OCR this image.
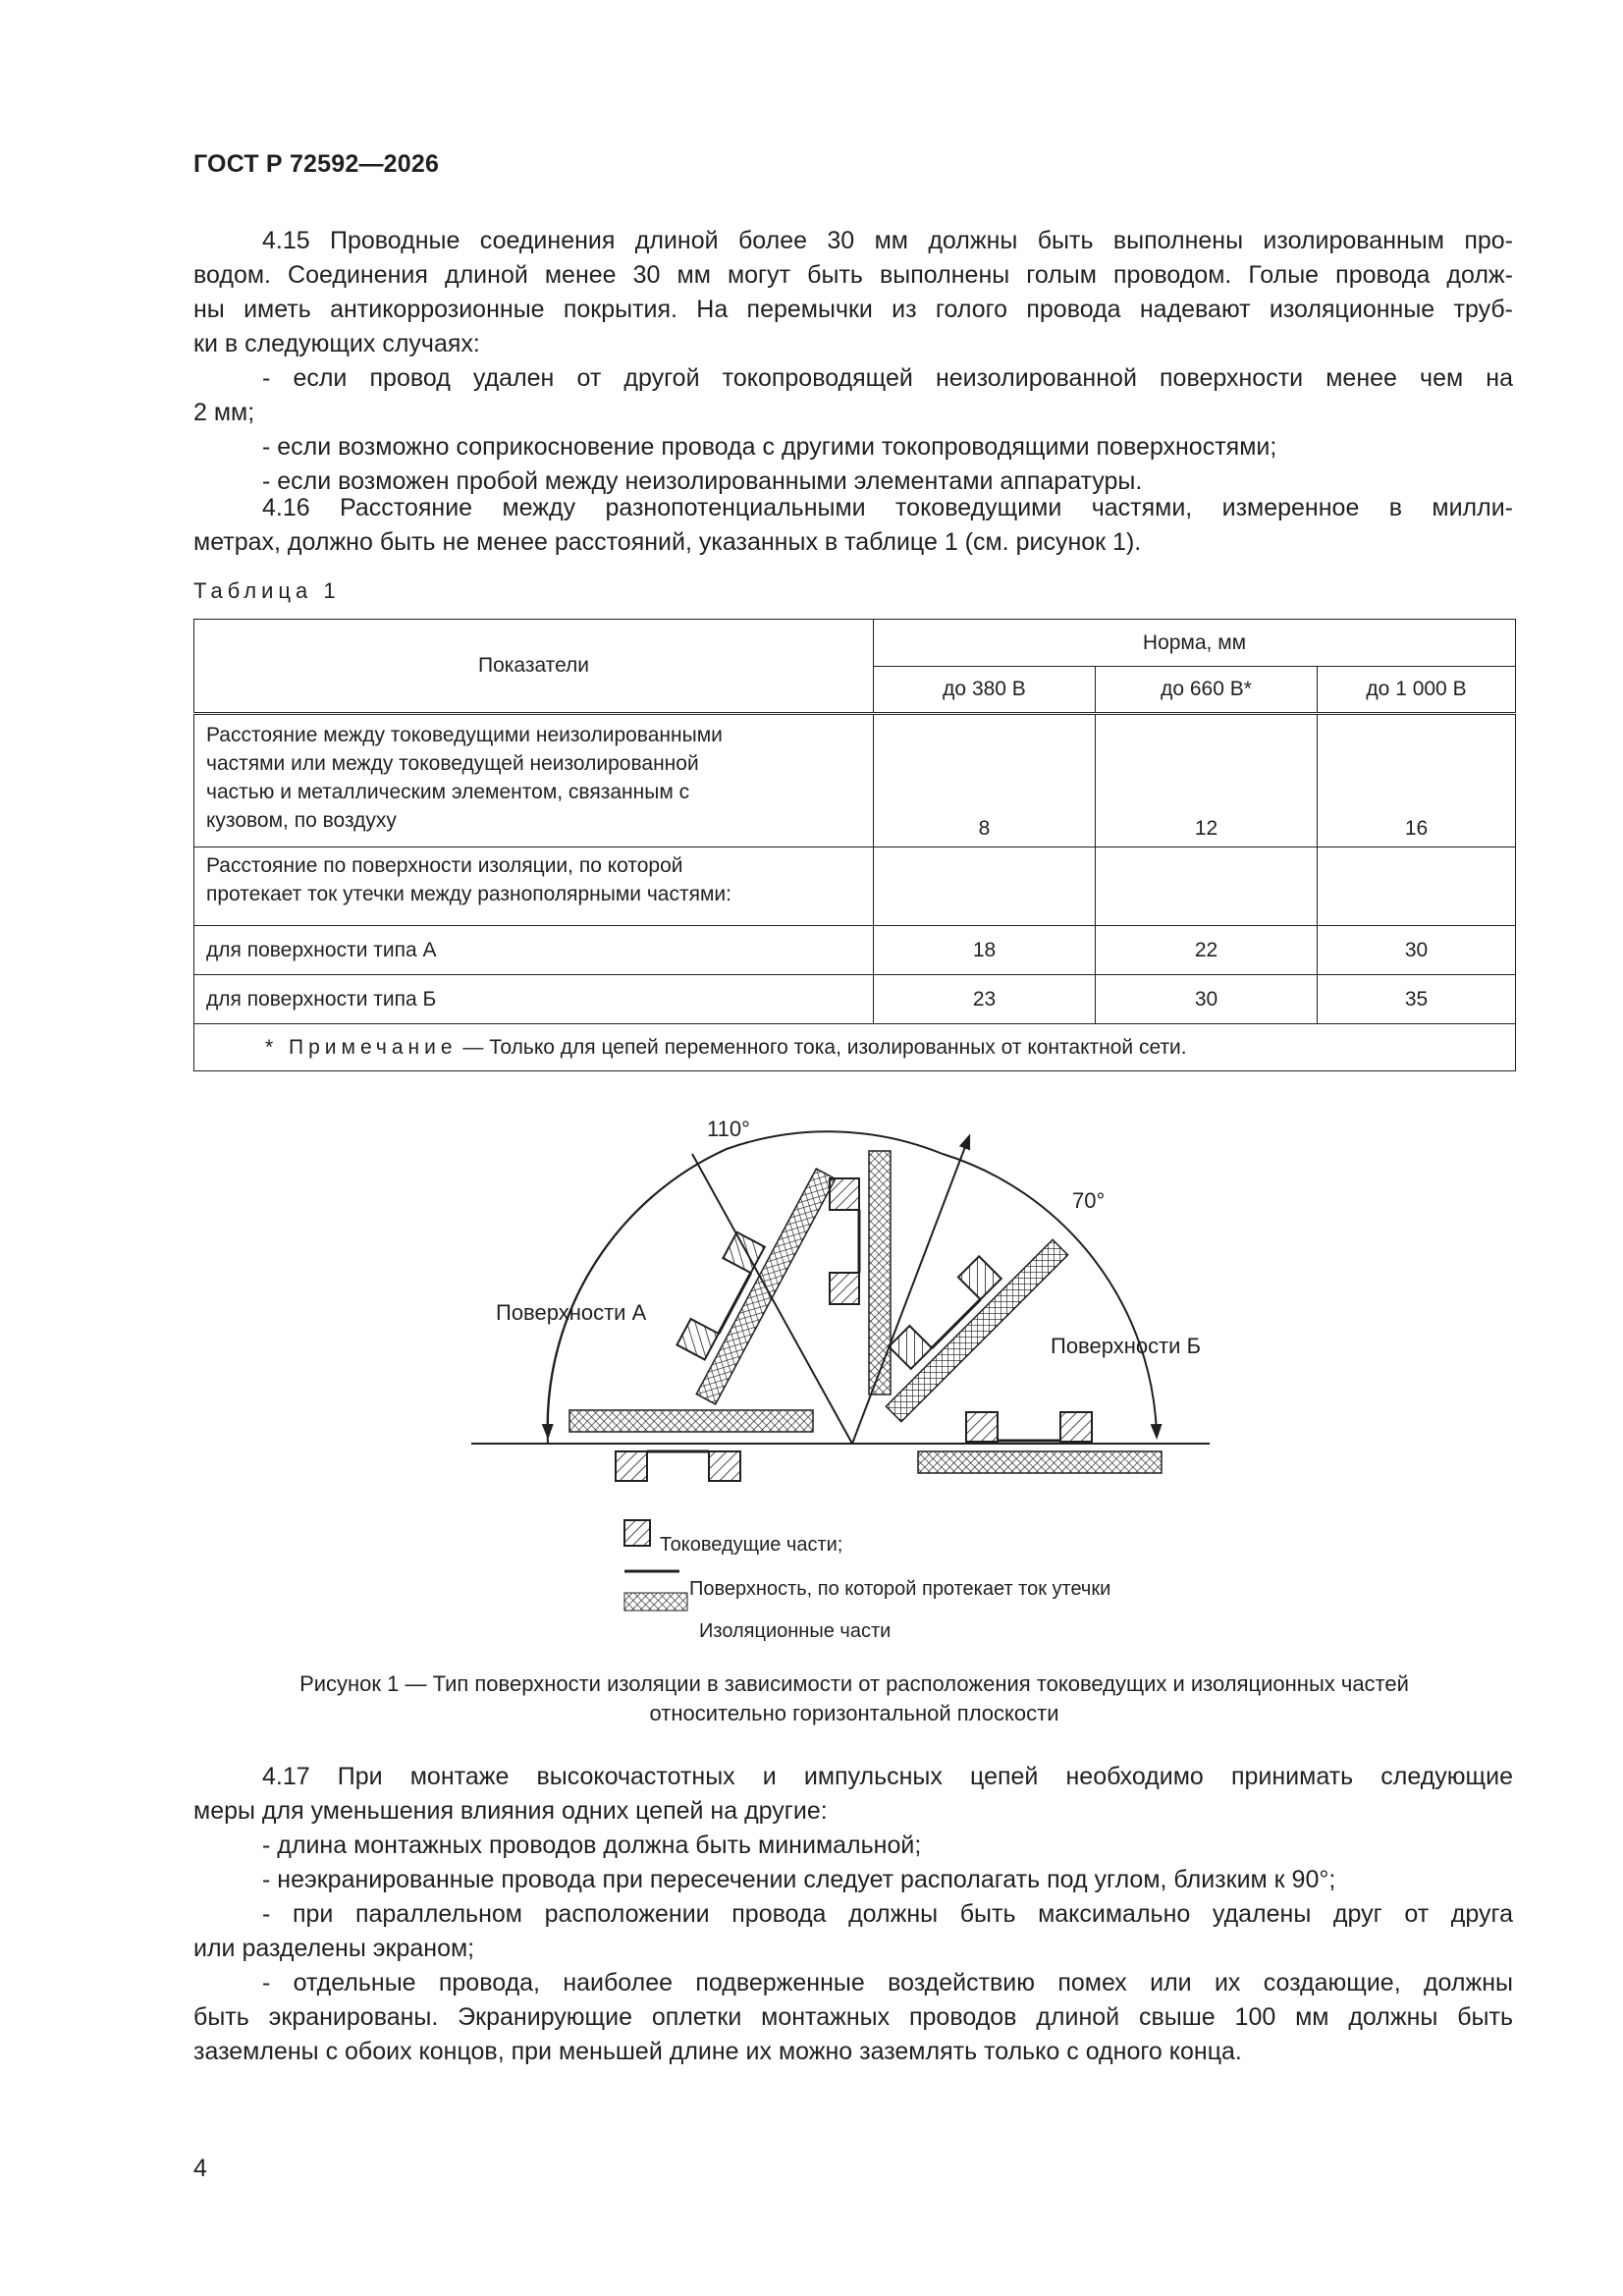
ГОСТ Р 72592—2026
4.15 Проводные соединения длиной более 30 мм должны быть выполнены изолированным про-
водом. Соединения длиной менее 30 мм могут быть выполнены голым проводом. Голые провода долж-
ны иметь антикоррозионные покрытия. На перемычки из голого провода надевают изоляционные труб-
ки в следующих случаях:
- если провод удален от другой токопроводящей неизолированной поверхности менее чем на
2 мм;
- если возможно соприкосновение провода с другими токопроводящими поверхностями;
- если возможен пробой между неизолированными элементами аппаратуры.
4.16 Расстояние между разнопотенциальными токоведущими частями, измеренное в милли-
метрах, должно быть не менее расстояний, указанных в таблице 1 (см. рисунок 1).
Таблица 1
Показатели	Норма, мм		
	до 380 В	до 660 В*	до 1 000 В

Расстояние между токоведущими неизолированными
частями или между токоведущей неизолированной
частью и металлическим элементом, связанным с
кузовом, по воздуху	8	12	16

Расстояние по поверхности изоляции, по которой
протекает ток утечки между разнополярными частями:			

для поверхности типа А	18	22	30
для поверхности типа Б	23	30	35
* Примечание — Только для цепей переменного тока, изолированных от контактной сети.			
110°
70°
Поверхности А
Поверхности Б
Токоведущие части;
Поверхность, по которой протекает ток утечки
Изоляционные части
Рисунок 1 — Тип поверхности изоляции в зависимости от расположения токоведущих и изоляционных частей
относительно горизонтальной плоскости
4.17 При монтаже высокочастотных и импульсных цепей необходимо принимать следующие
меры для уменьшения влияния одних цепей на другие:
- длина монтажных проводов должна быть минимальной;
- неэкранированные провода при пересечении следует располагать под углом, близким к 90°;
- при параллельном расположении провода должны быть максимально удалены друг от друга
или разделены экраном;
- отдельные провода, наиболее подверженные воздействию помех или их создающие, должны
быть экранированы. Экранирующие оплетки монтажных проводов длиной свыше 100 мм должны быть
заземлены с обоих концов, при меньшей длине их можно заземлять только с одного конца.
4
